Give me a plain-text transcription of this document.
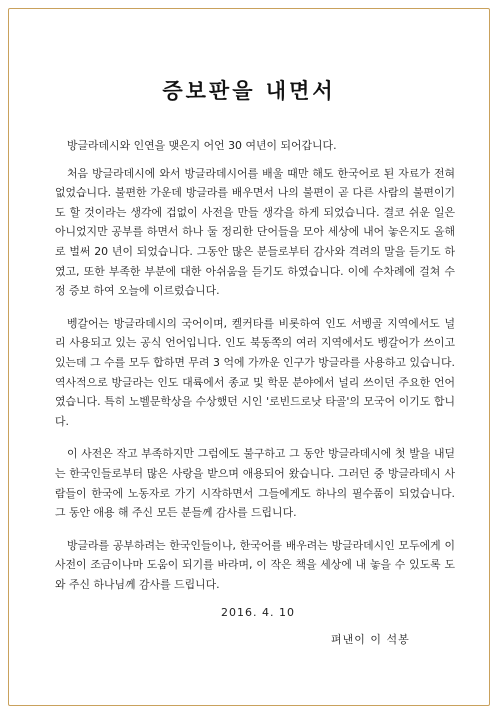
증보판을 내면서

방글라데시와 인연을 맺은지 어언 30 여년이 되어갑니다.

처음 방글라데시에 와서 방글라데시어를 배울 때만 해도 한국어로 된 자료가 전혀 없었습니다. 불편한 가운데 방글라를 배우면서 나의 불편이 곧 다른 사람의 불편이기도 할 것이라는 생각에 겁없이 사전을 만들 생각을 하게 되었습니다. 결코 쉬운 일은 아니었지만 공부를 하면서 하나 둘 정리한 단어들을 모아 세상에 내어 놓은지도 올해로 벌써 20 년이 되었습니다. 그동안 많은 분들로부터 감사와 격려의 말을 듣기도 하였고, 또한 부족한 부분에 대한 아쉬움을 듣기도 하였습니다. 이에 수차례에 걸쳐 수정 증보 하여 오늘에 이르렀습니다.

벵갈어는 방글라데시의 국어이며, 켈커타를 비롯하여 인도 서벵골 지역에서도 널리 사용되고 있는 공식 언어입니다. 인도 북동쪽의 여러 지역에서도 벵갈어가 쓰이고 있는데 그 수를 모두 합하면 무려 3 억에 가까운 인구가 방글라를 사용하고 있습니다. 역사적으로 방글라는 인도 대륙에서 종교 및 학문 분야에서 널리 쓰이던 주요한 언어였습니다. 특히 노벨문학상을 수상했던 시인 '로빈드로낫 타골'의 모국어 이기도 합니다.

이 사전은 작고 부족하지만 그럼에도 불구하고 그 동안 방글라데시에 첫 발을 내딛는 한국인들로부터 많은 사랑을 받으며 애용되어 왔습니다. 그러던 중 방글라데시 사람들이 한국에 노동자로 가기 시작하면서 그들에게도 하나의 필수품이 되었습니다. 그 동안 애용 해 주신 모든 분들께 감사를 드립니다.

방글라를 공부하려는 한국인들이나, 한국어를 배우려는 방글라데시인 모두에게 이 사전이 조금이나마 도움이 되기를 바라며, 이 작은 책을 세상에 내 놓을 수 있도록 도와 주신 하나님께 감사를 드립니다.

2016. 4. 10
펴낸이 이 석봉
